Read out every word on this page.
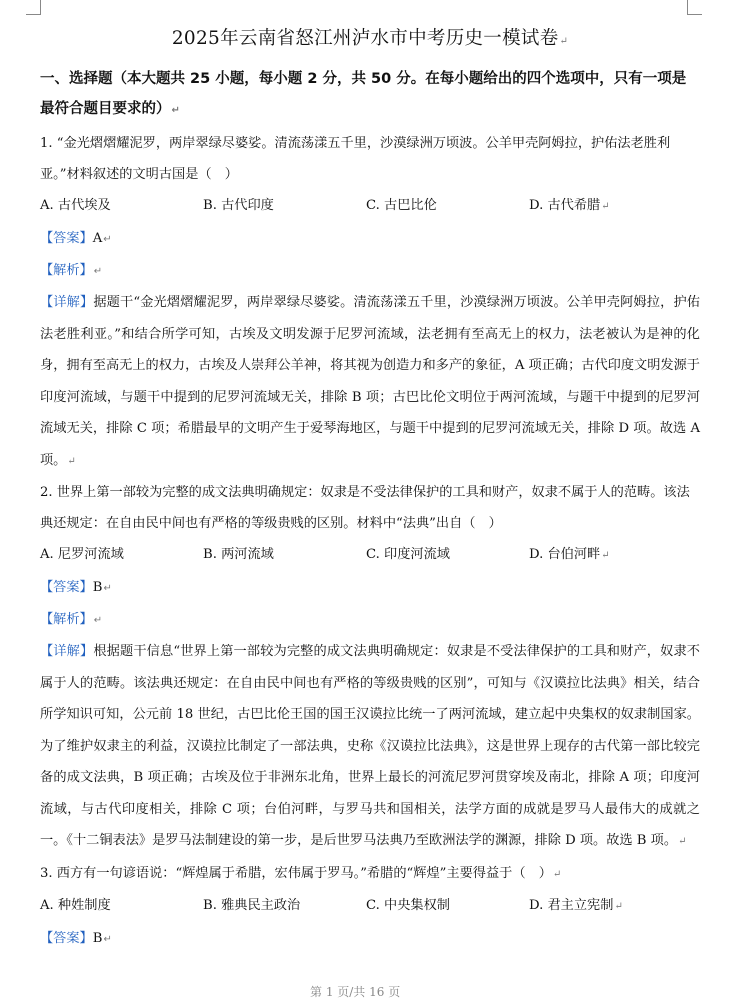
2025年云南省怒江州泸水市中考历史一模试卷↵

一、选择题（本大题共 25 小题，每小题 2 分，共 50 分。在每小题给出的四个选项中，只有一项是最符合题目要求的）↵

1. “金光熠熠耀泥罗，两岸翠绿尽婆娑。清流荡漾五千里，沙漠绿洲万顷波。公羊甲壳阿姆拉，护佑法老胜利亚。”材料叙述的文明古国是（　）

A. 古代埃及	B. 古代印度	C. 古巴比伦	D. 古代希腊↵

【答案】A↵

【解析】↵

【详解】据题干“金光熠熠耀泥罗，两岸翠绿尽婆娑。清流荡漾五千里，沙漠绿洲万顷波。公羊甲壳阿姆拉，护佑法老胜利亚。”和结合所学可知，古埃及文明发源于尼罗河流域，法老拥有至高无上的权力，法老被认为是神的化身，拥有至高无上的权力，古埃及人崇拜公羊神，将其视为创造力和多产的象征，A 项正确；古代印度文明发源于印度河流域，与题干中提到的尼罗河流域无关，排除 B 项；古巴比伦文明位于两河流域，与题干中提到的尼罗河流域无关，排除 C 项；希腊最早的文明产生于爱琴海地区，与题干中提到的尼罗河流域无关，排除 D 项。故选 A 项。↵

2. 世界上第一部较为完整的成文法典明确规定：奴隶是不受法律保护的工具和财产，奴隶不属于人的范畴。该法典还规定：在自由民中间也有严格的等级贵贱的区别。材料中“法典”出自（　）

A. 尼罗河流域	B. 两河流域	C. 印度河流域	D. 台伯河畔↵

【答案】B↵

【解析】↵

【详解】根据题干信息“世界上第一部较为完整的成文法典明确规定：奴隶是不受法律保护的工具和财产，奴隶不属于人的范畴。该法典还规定：在自由民中间也有严格的等级贵贱的区别”，可知与《汉谟拉比法典》相关，结合所学知识可知，公元前 18 世纪，古巴比伦王国的国王汉谟拉比统一了两河流域，建立起中央集权的奴隶制国家。为了维护奴隶主的利益，汉谟拉比制定了一部法典，史称《汉谟拉比法典》，这是世界上现存的古代第一部比较完备的成文法典，B 项正确；古埃及位于非洲东北角，世界上最长的河流尼罗河贯穿埃及南北，排除 A 项；印度河流域，与古代印度相关，排除 C 项；台伯河畔，与罗马共和国相关，法学方面的成就是罗马人最伟大的成就之一。《十二铜表法》是罗马法制建设的第一步，是后世罗马法典乃至欧洲法学的渊源，排除 D 项。故选 B 项。↵

3. 西方有一句谚语说：“辉煌属于希腊，宏伟属于罗马。”希腊的“辉煌”主要得益于（　）↵

A. 种姓制度	B. 雅典民主政治	C. 中央集权制	D. 君主立宪制↵

【答案】B↵

第 1 页/共 16 页
